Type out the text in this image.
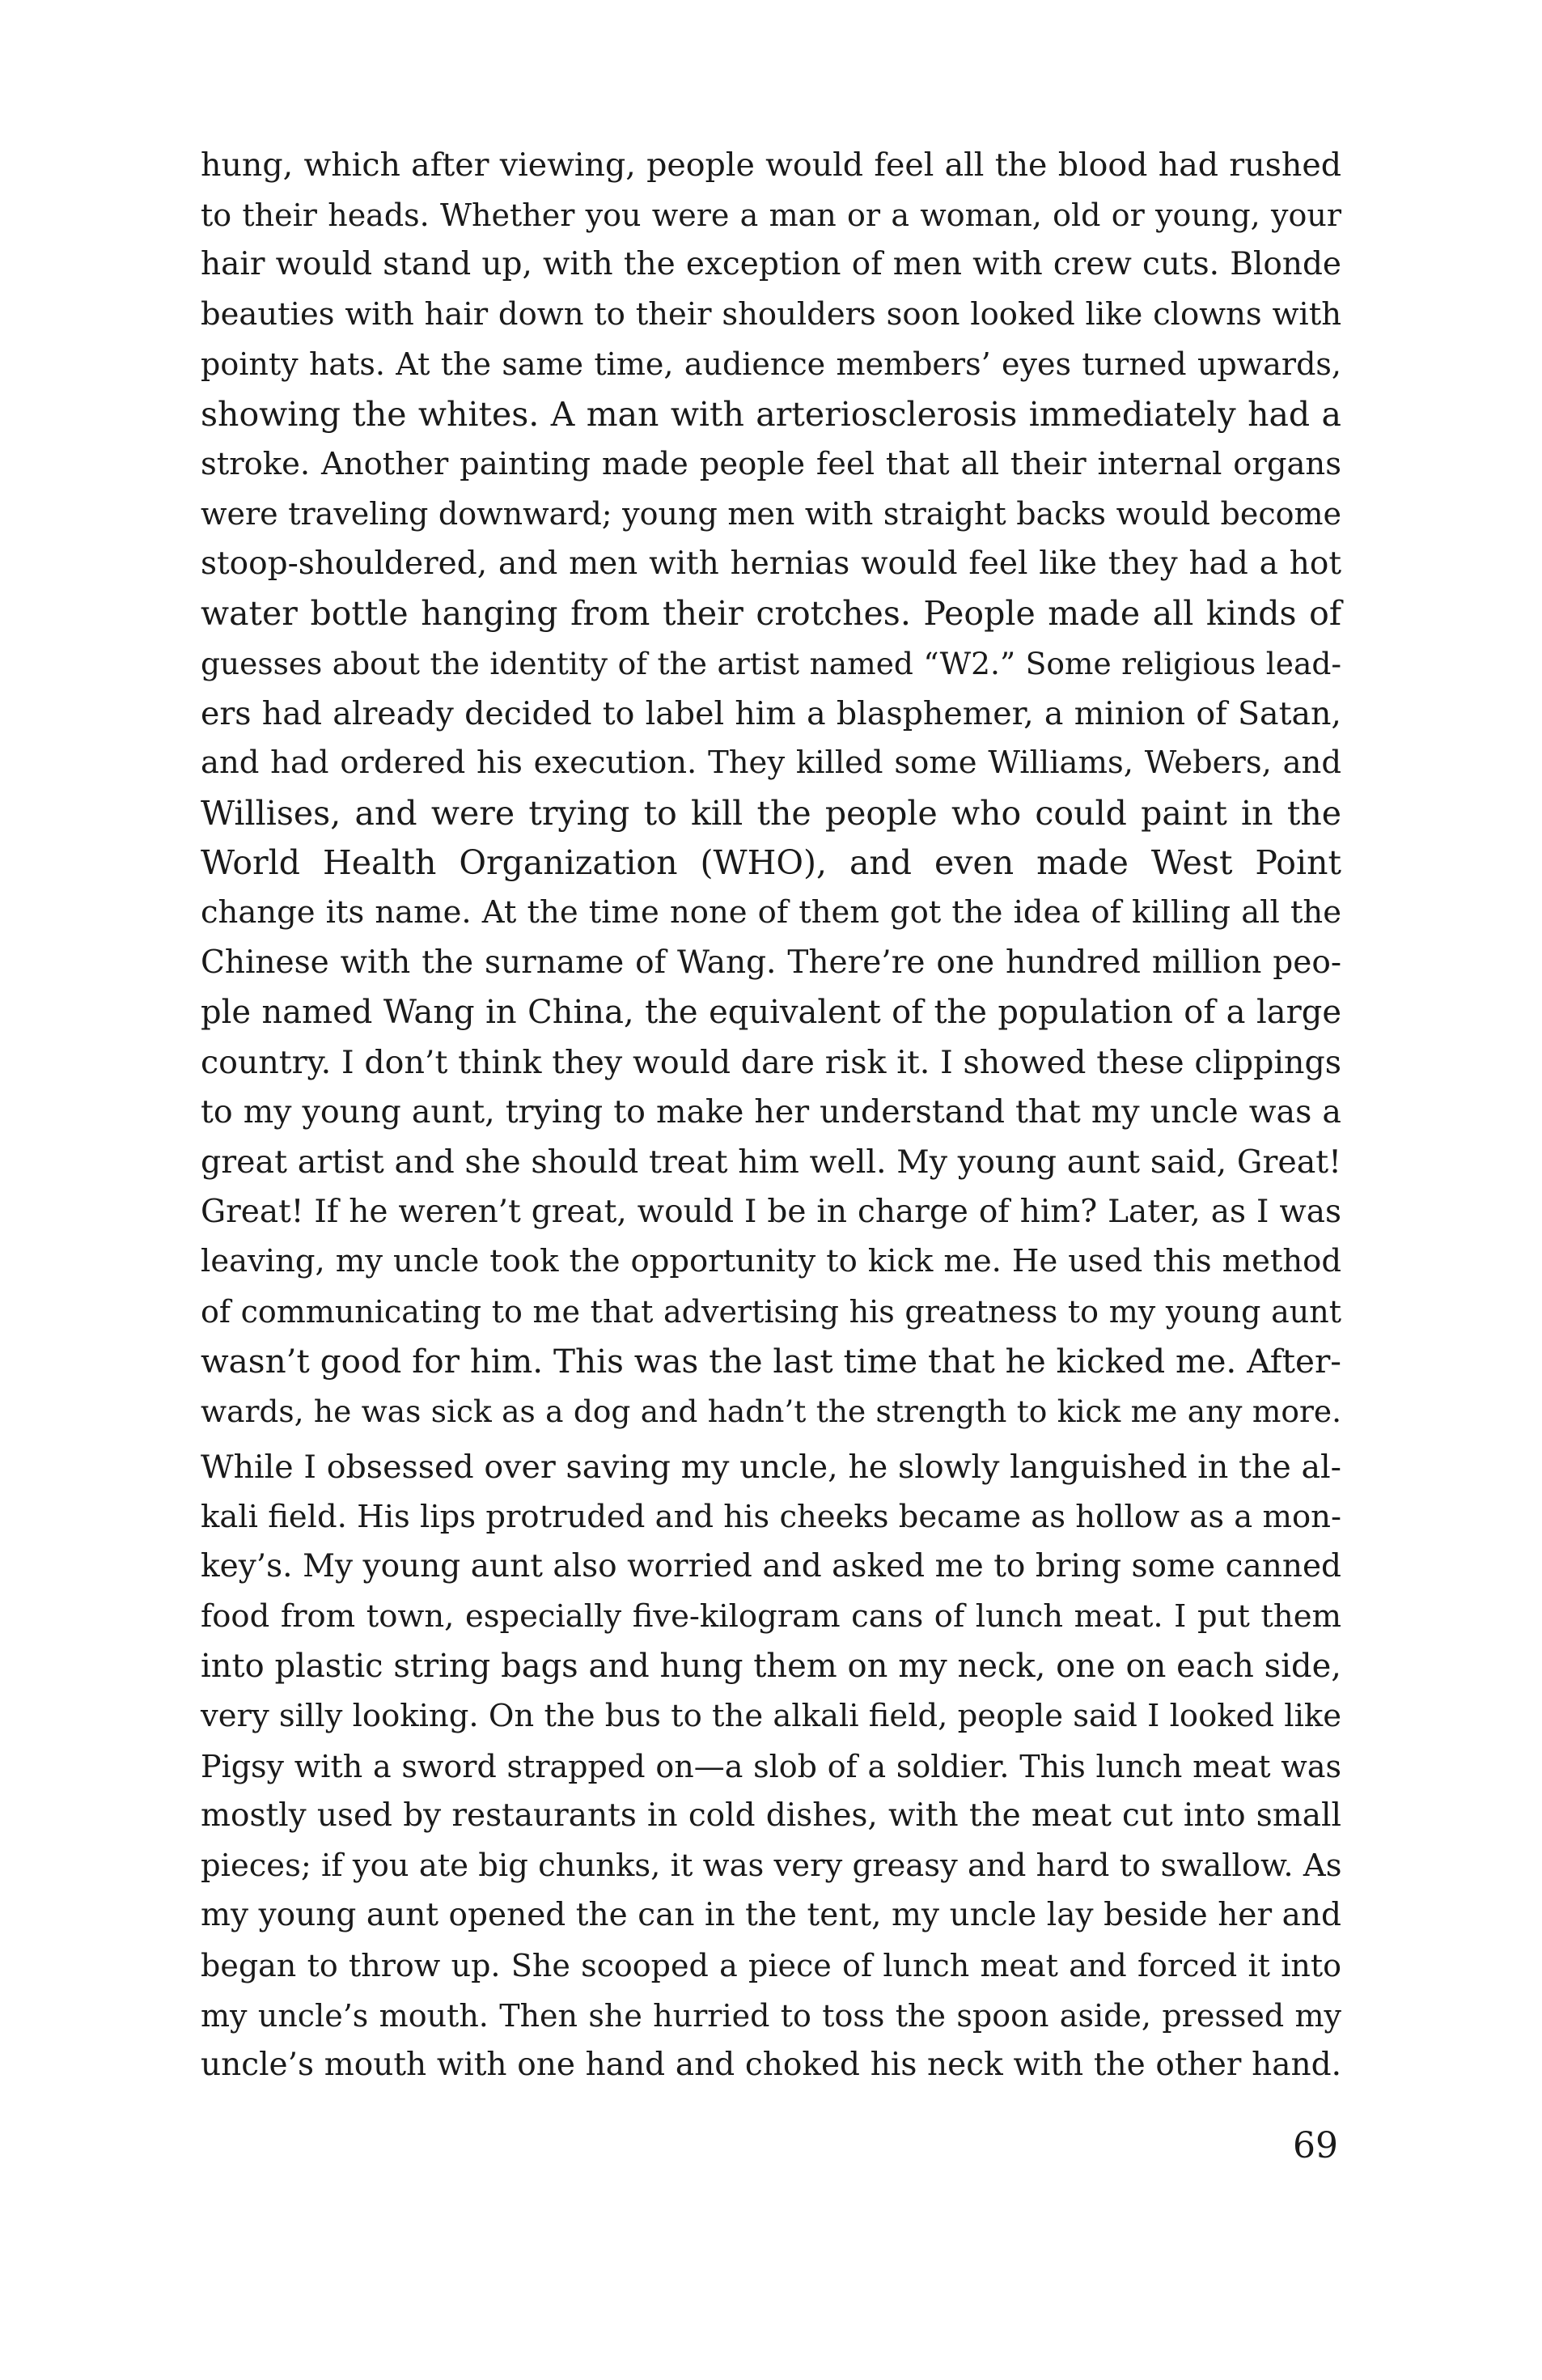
hung, which after viewing, people would feel all the blood had rushed

to their heads. Whether you were a man or a woman, old or young, your

hair would stand up, with the exception of men with crew cuts. Blonde

beauties with hair down to their shoulders soon looked like clowns with

pointy hats. At the same time, audience members’ eyes turned upwards,

showing the whites. A man with arteriosclerosis immediately had a

stroke. Another painting made people feel that all their internal organs

were traveling downward; young men with straight backs would become

stoop-shouldered, and men with hernias would feel like they had a hot

water bottle hanging from their crotches. People made all kinds of

guesses about the identity of the artist named “W2.” Some religious lead-

ers had already decided to label him a blasphemer, a minion of Satan,

and had ordered his execution. They killed some Williams, Webers, and

Willises, and were trying to kill the people who could paint in the

World Health Organization (WHO), and even made West Point

change its name. At the time none of them got the idea of killing all the

Chinese with the surname of Wang. There’re one hundred million peo-

ple named Wang in China, the equivalent of the population of a large

country. I don’t think they would dare risk it. I showed these clippings

to my young aunt, trying to make her understand that my uncle was a

great artist and she should treat him well. My young aunt said, Great!

Great! If he weren’t great, would I be in charge of him? Later, as I was

leaving, my uncle took the opportunity to kick me. He used this method

of communicating to me that advertising his greatness to my young aunt

wasn’t good for him. This was the last time that he kicked me. After-

wards, he was sick as a dog and hadn’t the strength to kick me any more.

While I obsessed over saving my uncle, he slowly languished in the al-

kali field. His lips protruded and his cheeks became as hollow as a mon-

key’s. My young aunt also worried and asked me to bring some canned

food from town, especially five-kilogram cans of lunch meat. I put them

into plastic string bags and hung them on my neck, one on each side,

very silly looking. On the bus to the alkali field, people said I looked like

Pigsy with a sword strapped on—a slob of a soldier. This lunch meat was

mostly used by restaurants in cold dishes, with the meat cut into small

pieces; if you ate big chunks, it was very greasy and hard to swallow. As

my young aunt opened the can in the tent, my uncle lay beside her and

began to throw up. She scooped a piece of lunch meat and forced it into

my uncle’s mouth. Then she hurried to toss the spoon aside, pressed my

uncle’s mouth with one hand and choked his neck with the other hand.

69
